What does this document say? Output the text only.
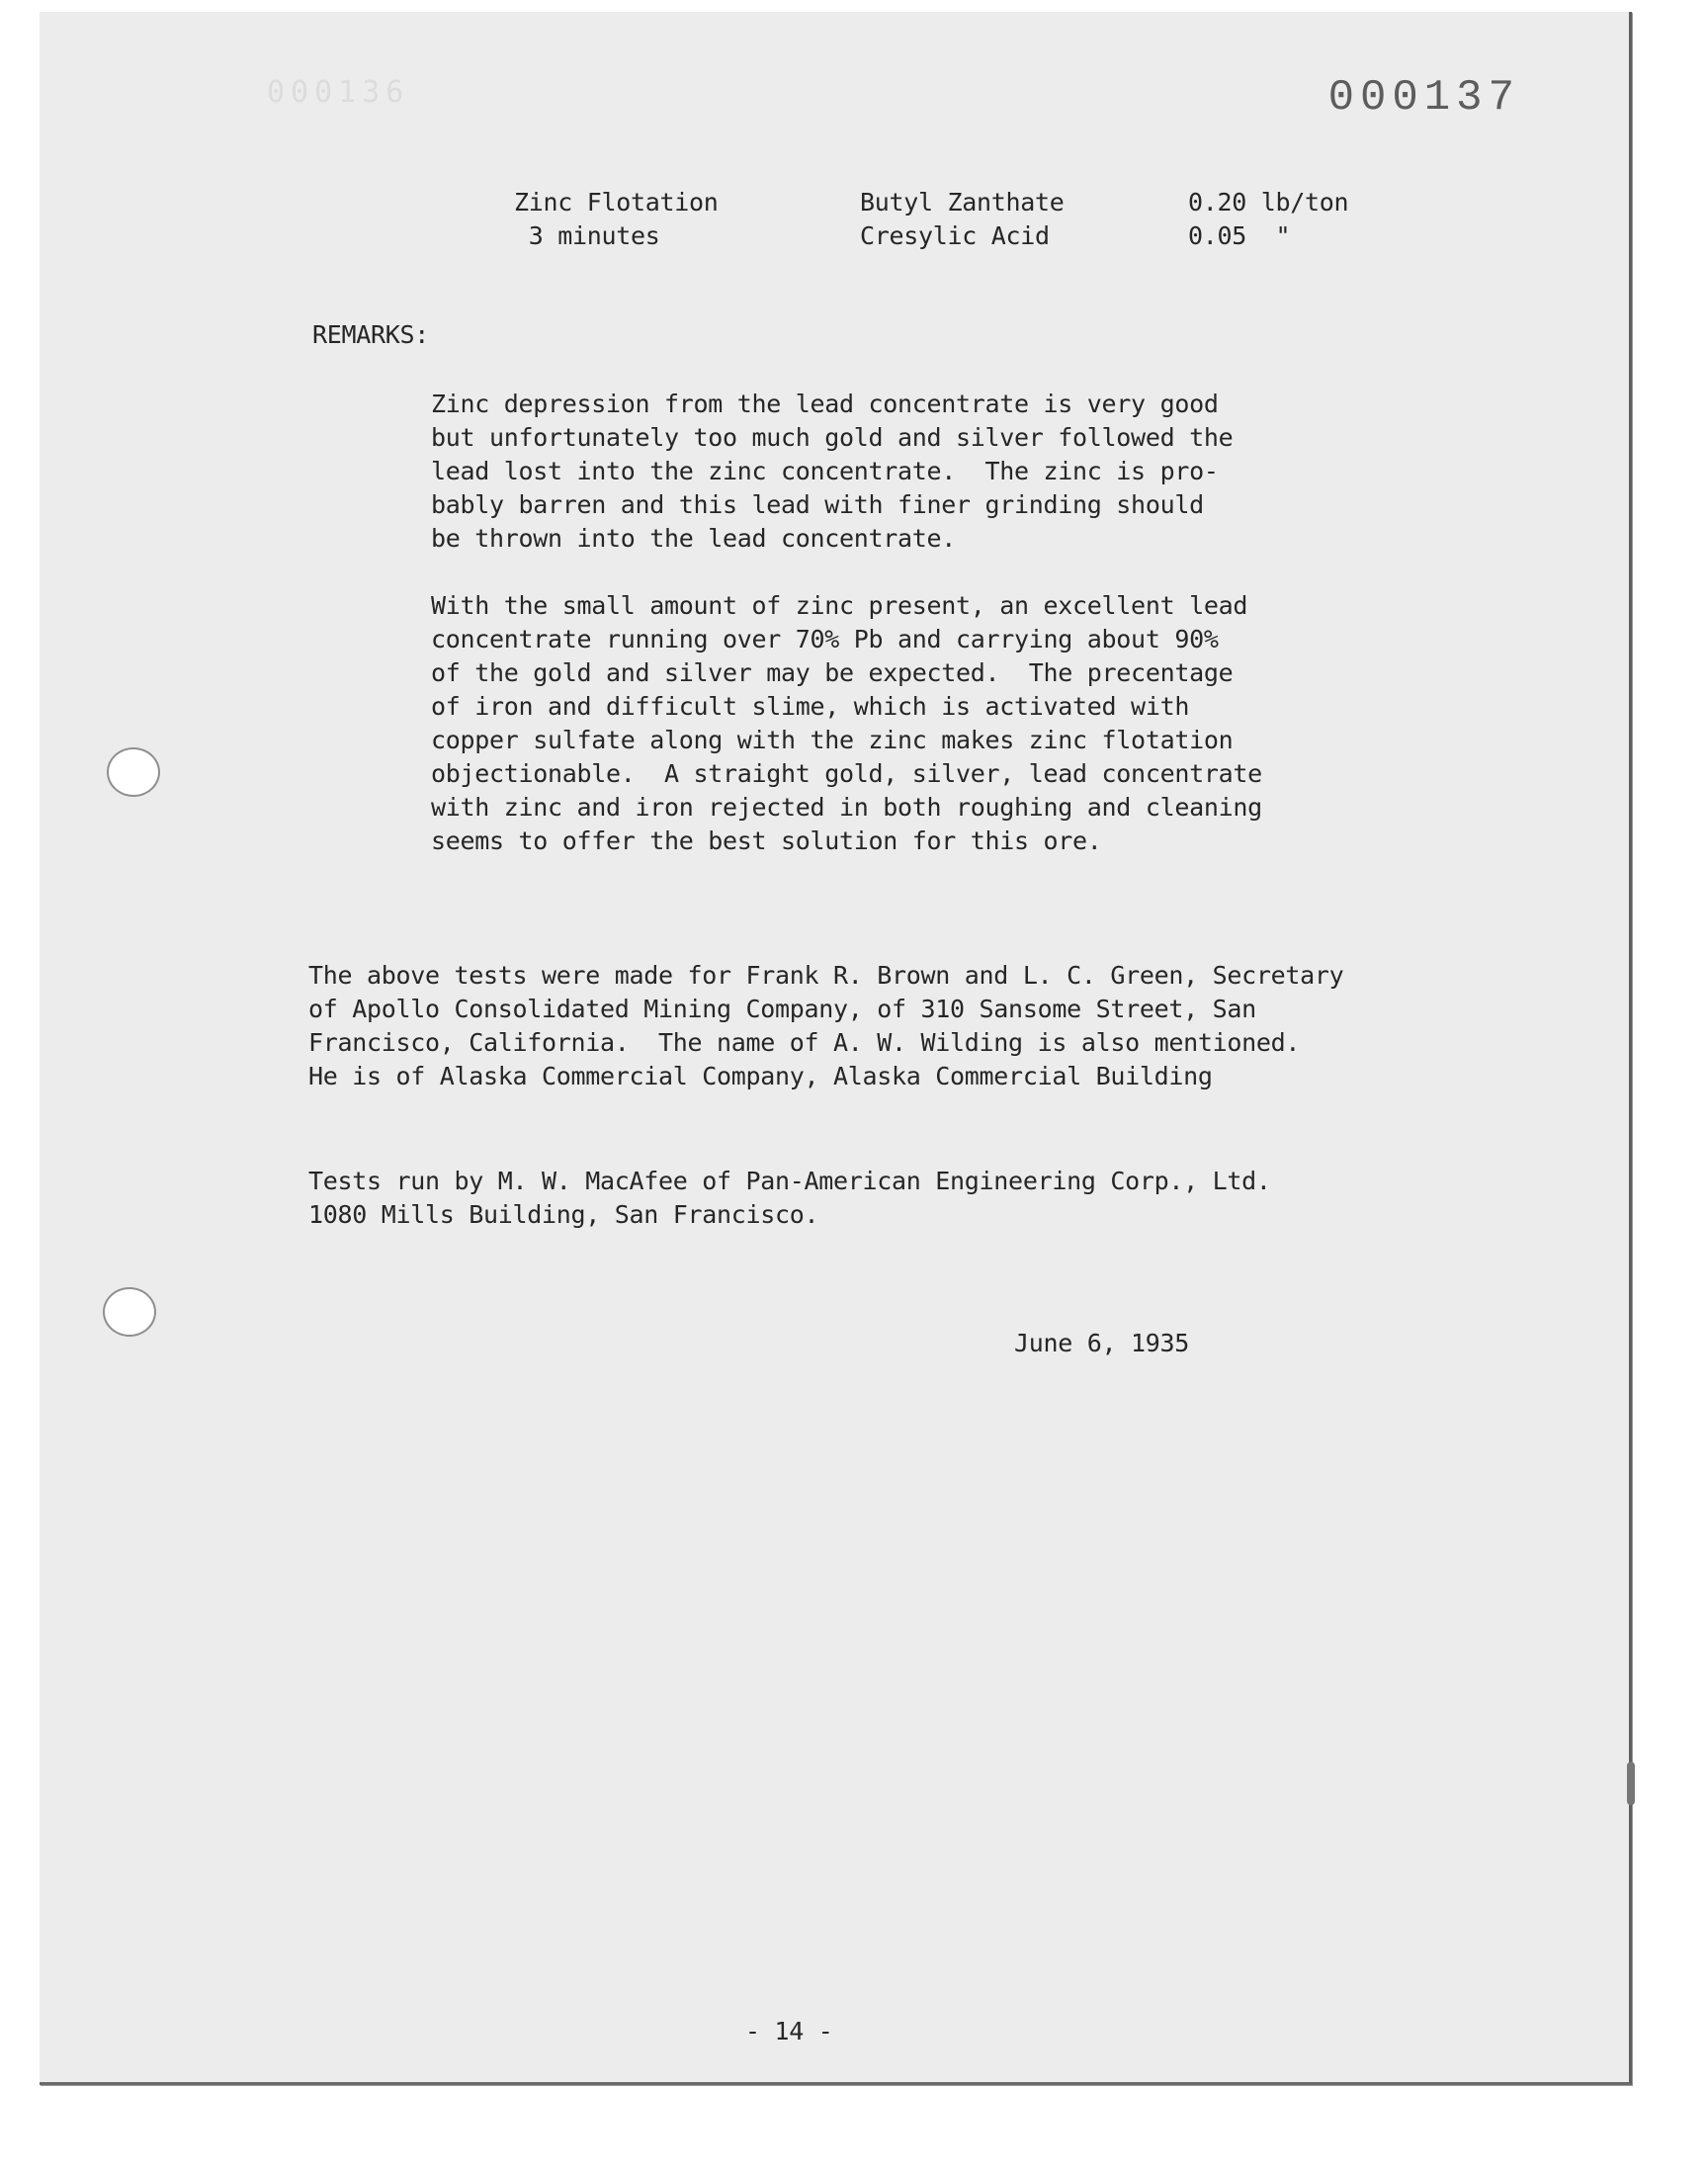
000136	000137

Zinc Flotation

3 minutes

Butyl Zanthate

Cresylic Acid

0.20 lb/ton

0.05  "

REMARKS:

Zinc depression from the lead concentrate is very good

but unfortunately too much gold and silver followed the

lead lost into the zinc concentrate.  The zinc is pro-

bably barren and this lead with finer grinding should

be thrown into the lead concentrate.

With the small amount of zinc present, an excellent lead

concentrate running over 70% Pb and carrying about 90%

of the gold and silver may be expected.  The precentage

of iron and difficult slime, which is activated with

copper sulfate along with the zinc makes zinc flotation

objectionable.  A straight gold, silver, lead concentrate

with zinc and iron rejected in both roughing and cleaning

seems to offer the best solution for this ore.

The above tests were made for Frank R. Brown and L. C. Green, Secretary

of Apollo Consolidated Mining Company, of 310 Sansome Street, San

Francisco, California.  The name of A. W. Wilding is also mentioned.

He is of Alaska Commercial Company, Alaska Commercial Building

Tests run by M. W. MacAfee of Pan-American Engineering Corp., Ltd.

1080 Mills Building, San Francisco.

June 6, 1935

- 14 -
